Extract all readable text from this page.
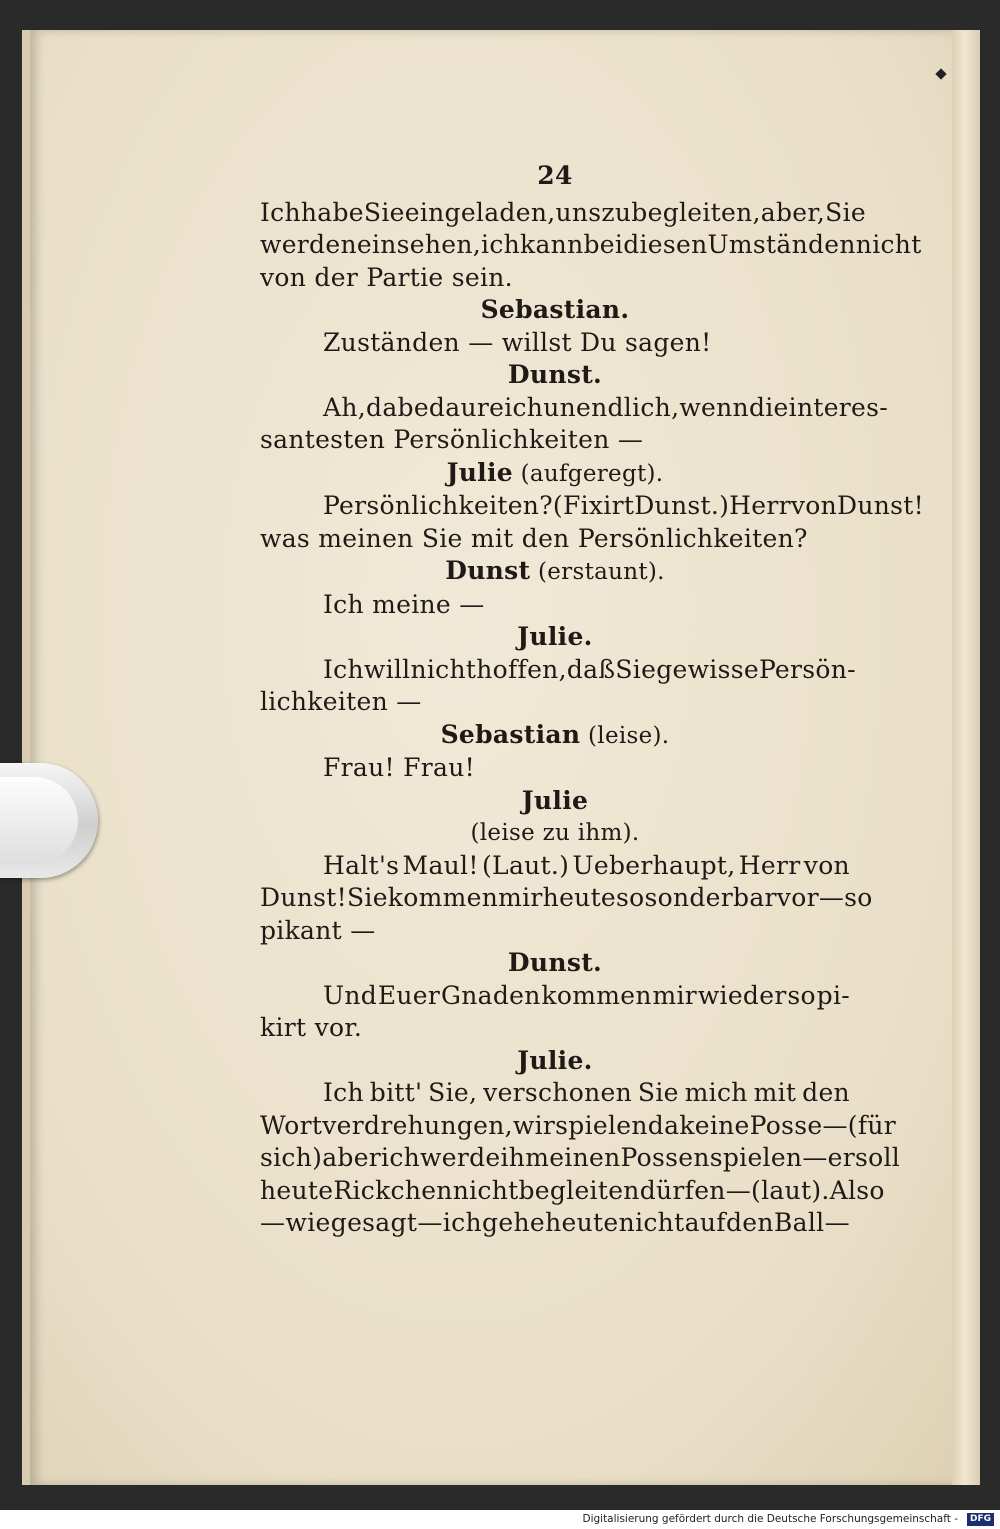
24
Ich habe Sie eingeladen, uns zu begleiten, aber, Sie
werden einsehen, ich kann bei diesen Umständen nicht
von der Partie sein.
Sebastian.
Zuständen — willst Du sagen!
Dunst.
Ah, da bedaure ich unendlich, wenn die interes-
santesten Persönlichkeiten —
Julie (aufgeregt).
Persönlichkeiten? (Fixirt Dunst.) Herr von Dunst!
was meinen Sie mit den Persönlichkeiten?
Dunst (erstaunt).
Ich meine —
Julie.
Ich will nicht hoffen, daß Sie gewisse Persön-
lichkeiten —
Sebastian (leise).
Frau! Frau!
Julie
(leise zu ihm).
Halt's Maul! (Laut.) Ueberhaupt, Herr von
Dunst! Sie kommen mir heute so sonderbar vor — so
pikant —
Dunst.
Und Euer Gnaden kommen mir wieder so pi-
kirt vor.
Julie.
Ich bitt' Sie, verschonen Sie mich mit den
Wortverdrehungen, wir spielen da keine Posse — (für
sich) aber ich werde ihm einen Possen spielen — er soll
heute Rickchen nicht begleiten dürfen — (laut). Also
— wie gesagt — ich gehe heute nicht auf den Ball —
Digitalisierung gefördert durch die Deutsche Forschungsgemeinschaft -	DFG
